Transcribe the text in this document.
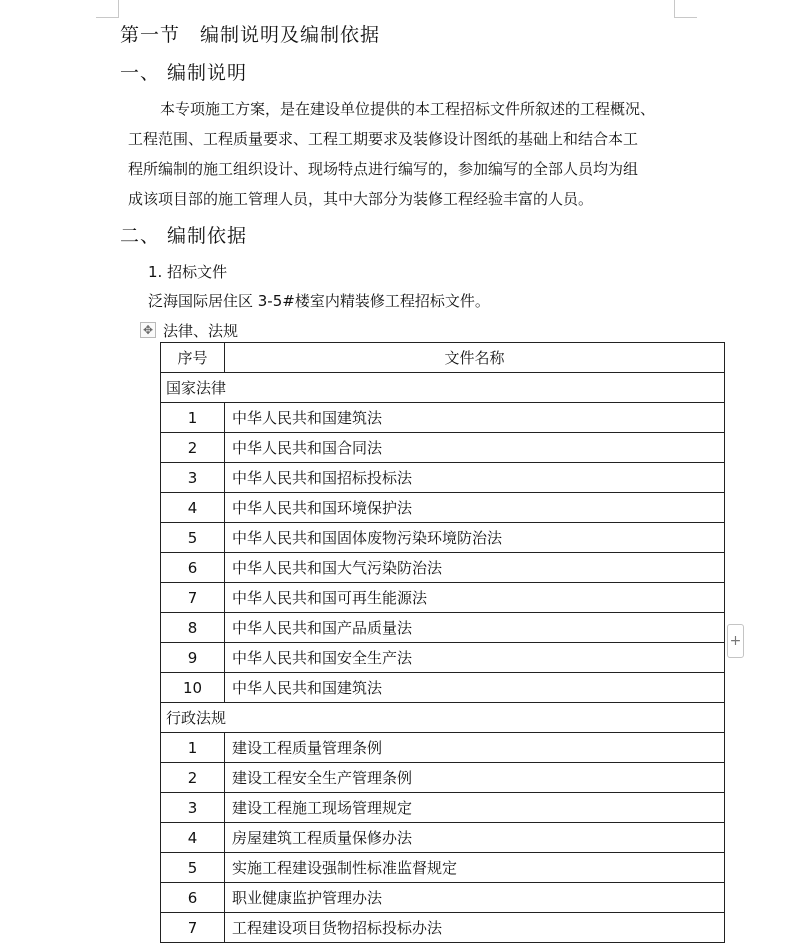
第一节　编制说明及编制依据
一、 编制说明
本专项施工方案，是在建设单位提供的本工程招标文件所叙述的工程概况、
工程范围、工程质量要求、工程工期要求及装修设计图纸的基础上和结合本工
程所编制的施工组织设计、现场特点进行编写的，参加编写的全部人员均为组
成该项目部的施工管理人员，其中大部分为装修工程经验丰富的人员。
二、 编制依据
1. 招标文件
泛海国际居住区 3-5#楼室内精装修工程招标文件。
✥ 法律、法规
序号	文件名称
国家法律	
1	中华人民共和国建筑法
2	中华人民共和国合同法
3	中华人民共和国招标投标法
4	中华人民共和国环境保护法
5	中华人民共和国固体废物污染环境防治法
6	中华人民共和国大气污染防治法
7	中华人民共和国可再生能源法
8	中华人民共和国产品质量法
9	中华人民共和国安全生产法
10	中华人民共和国建筑法
行政法规	
1	建设工程质量管理条例
2	建设工程安全生产管理条例
3	建设工程施工现场管理规定
4	房屋建筑工程质量保修办法
5	实施工程建设强制性标准监督规定
6	职业健康监护管理办法
7	工程建设项目货物招标投标办法
+
